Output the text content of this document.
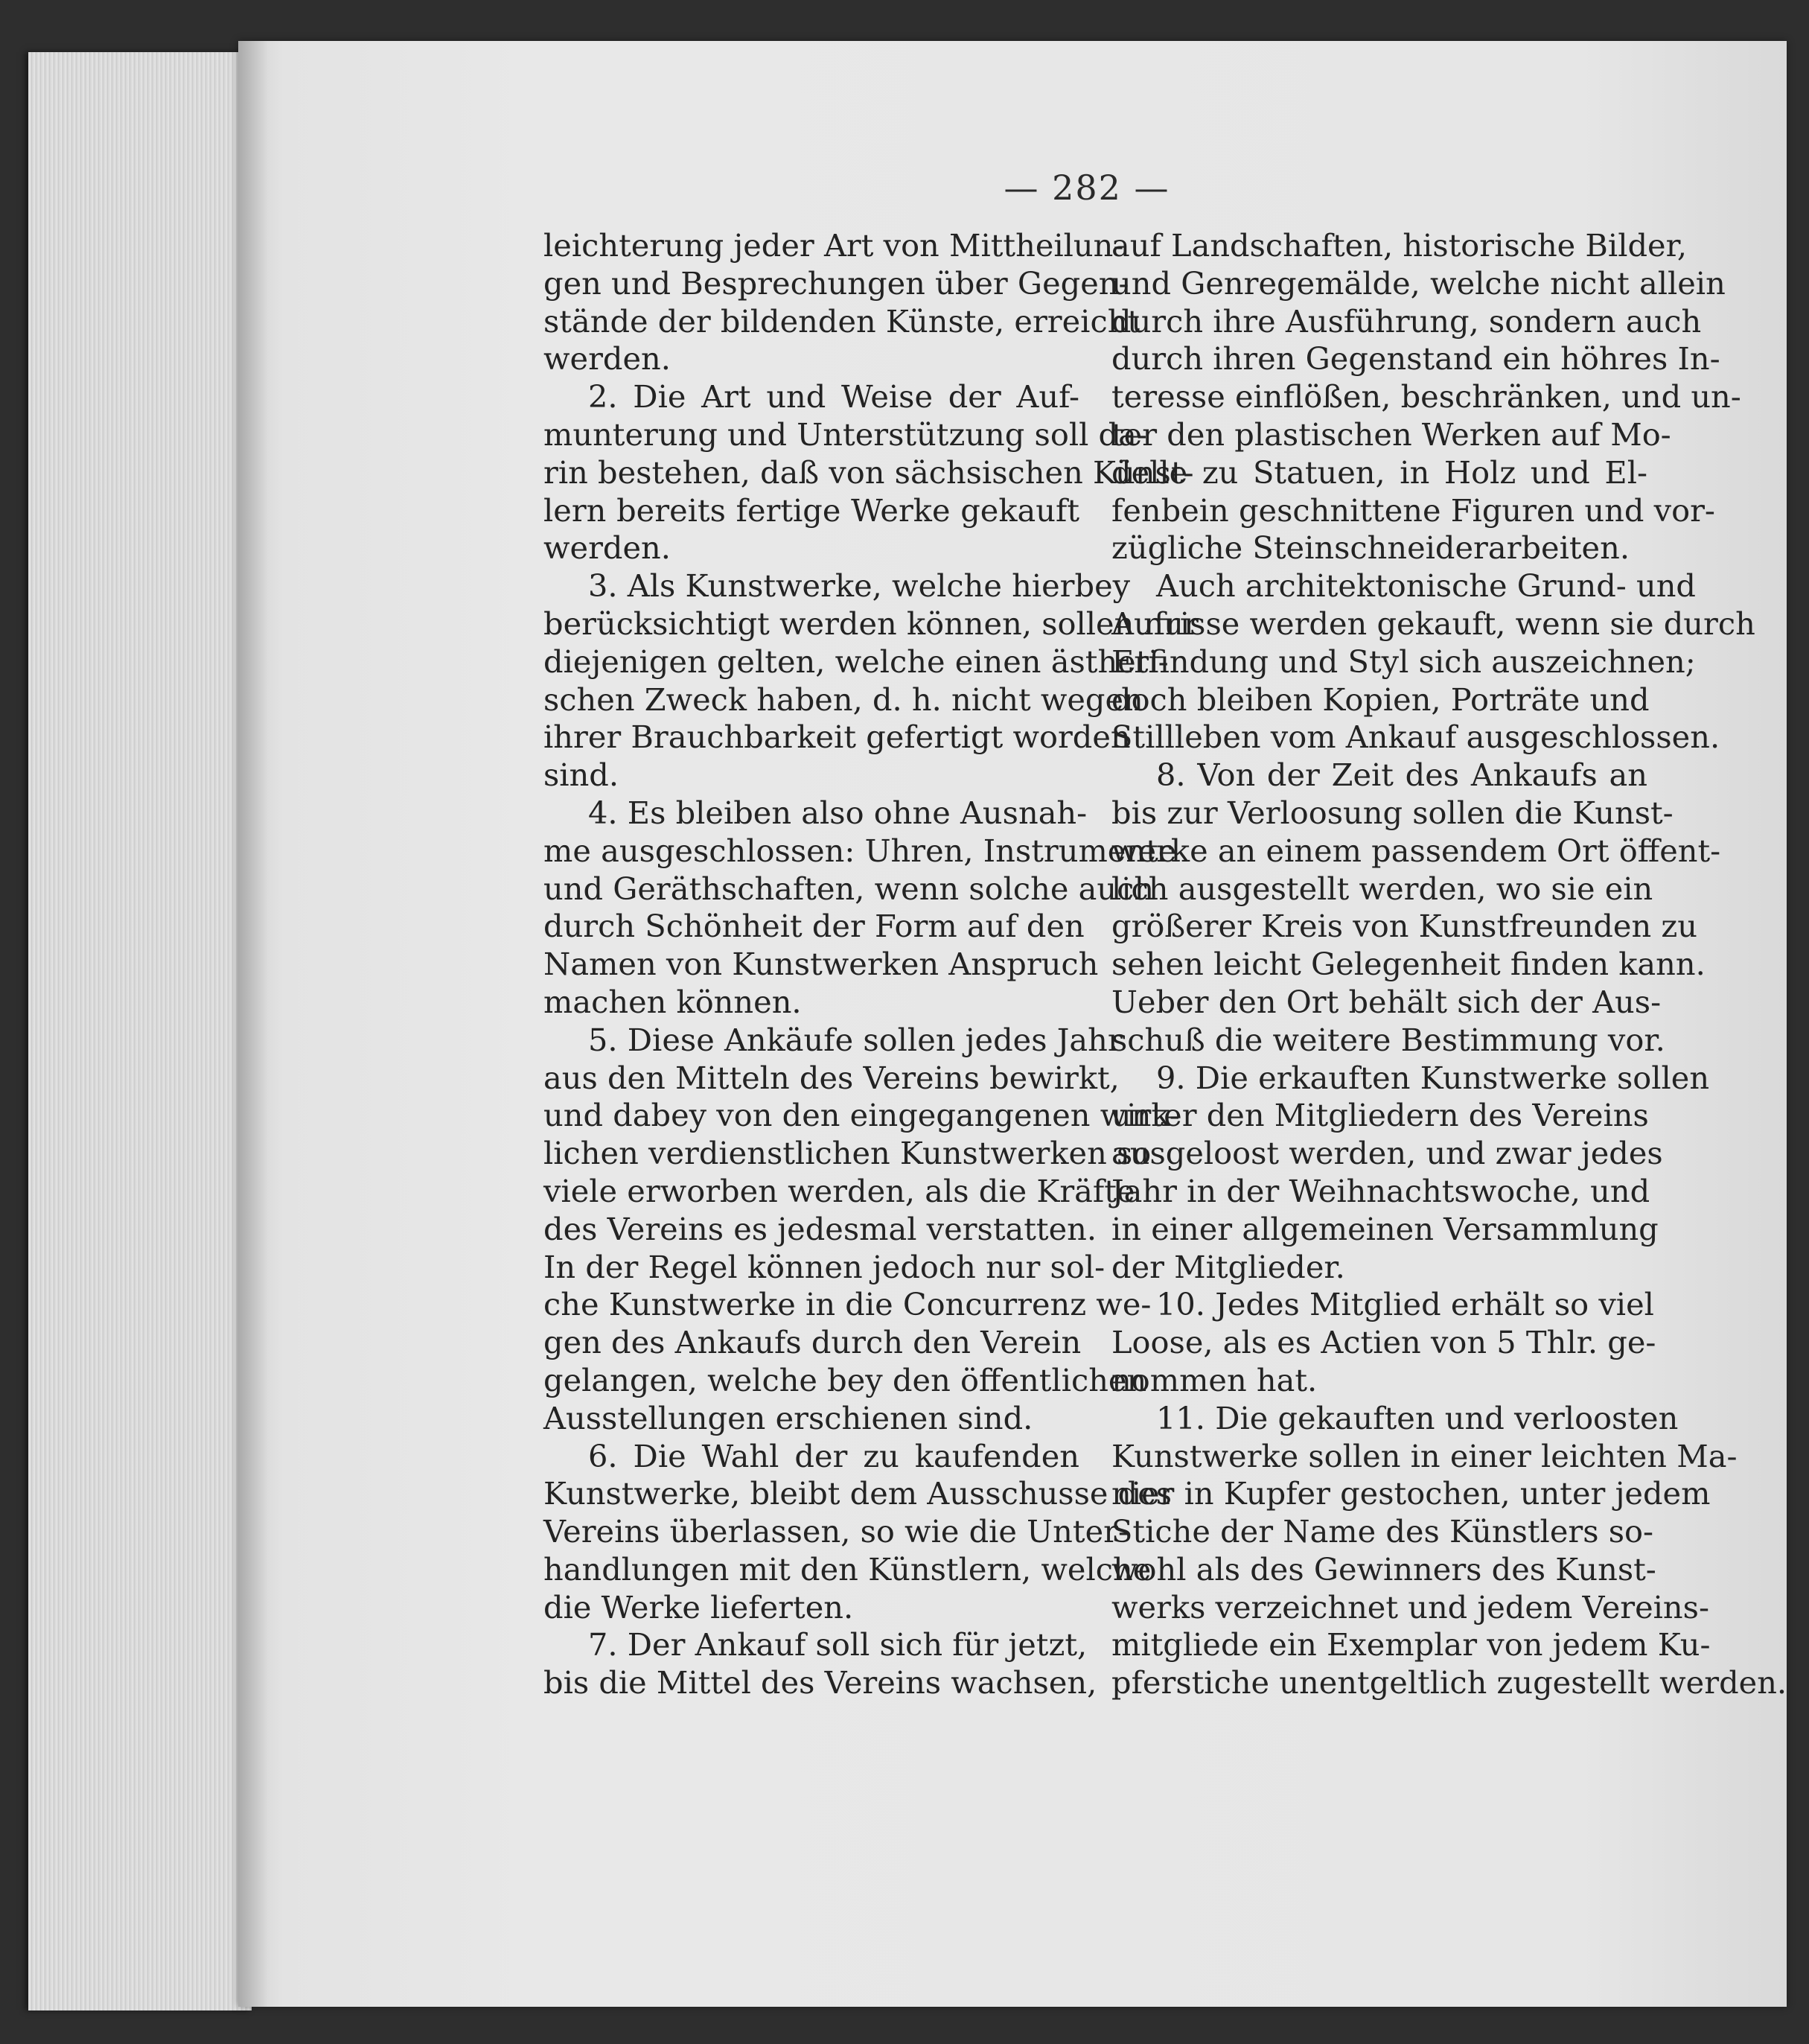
— 282 —
leichterung jeder Art von Mittheilun-
gen und Besprechungen über Gegen-
stände der bildenden Künste, erreicht
werden.
2. Die Art und Weise der Auf-
munterung und Unterstützung soll da-
rin bestehen, daß von sächsischen Künst-
lern bereits fertige Werke gekauft
werden.
3. Als Kunstwerke, welche hierbey
berücksichtigt werden können, sollen nur
diejenigen gelten, welche einen ästheti-
schen Zweck haben, d. h. nicht wegen
ihrer Brauchbarkeit gefertigt worden
sind.
4. Es bleiben also ohne Ausnah-
me ausgeschlossen: Uhren, Instrumente
und Geräthschaften, wenn solche auch
durch Schönheit der Form auf den
Namen von Kunstwerken Anspruch
machen können.
5. Diese Ankäufe sollen jedes Jahr
aus den Mitteln des Vereins bewirkt,
und dabey von den eingegangenen wirk-
lichen verdienstlichen Kunstwerken so
viele erworben werden, als die Kräfte
des Vereins es jedesmal verstatten.
In der Regel können jedoch nur sol-
che Kunstwerke in die Concurrenz we-
gen des Ankaufs durch den Verein
gelangen, welche bey den öffentlichen
Ausstellungen erschienen sind.
6. Die Wahl der zu kaufenden
Kunstwerke, bleibt dem Ausschusse des
Vereins überlassen, so wie die Unter-
handlungen mit den Künstlern, welche
die Werke lieferten.
7. Der Ankauf soll sich für jetzt,
bis die Mittel des Vereins wachsen,
auf Landschaften, historische Bilder,
und Genregemälde, welche nicht allein
durch ihre Ausführung, sondern auch
durch ihren Gegenstand ein höhres In-
teresse einflößen, beschränken, und un-
ter den plastischen Werken auf Mo-
delle zu Statuen, in Holz und El-
fenbein geschnittene Figuren und vor-
zügliche Steinschneiderarbeiten.
Auch architektonische Grund- und
Aufrisse werden gekauft, wenn sie durch
Erfindung und Styl sich auszeichnen;
doch bleiben Kopien, Porträte und
Stillleben vom Ankauf ausgeschlossen.
8. Von der Zeit des Ankaufs an
bis zur Verloosung sollen die Kunst-
werke an einem passendem Ort öffent-
lich ausgestellt werden, wo sie ein
größerer Kreis von Kunstfreunden zu
sehen leicht Gelegenheit finden kann.
Ueber den Ort behält sich der Aus-
schuß die weitere Bestimmung vor.
9. Die erkauften Kunstwerke sollen
unter den Mitgliedern des Vereins
ausgeloost werden, und zwar jedes
Jahr in der Weihnachtswoche, und
in einer allgemeinen Versammlung
der Mitglieder.
10. Jedes Mitglied erhält so viel
Loose, als es Actien von 5 Thlr. ge-
nommen hat.
11. Die gekauften und verloosten
Kunstwerke sollen in einer leichten Ma-
nier in Kupfer gestochen, unter jedem
Stiche der Name des Künstlers so-
wohl als des Gewinners des Kunst-
werks verzeichnet und jedem Vereins-
mitgliede ein Exemplar von jedem Ku-
pferstiche unentgeltlich zugestellt werden.
